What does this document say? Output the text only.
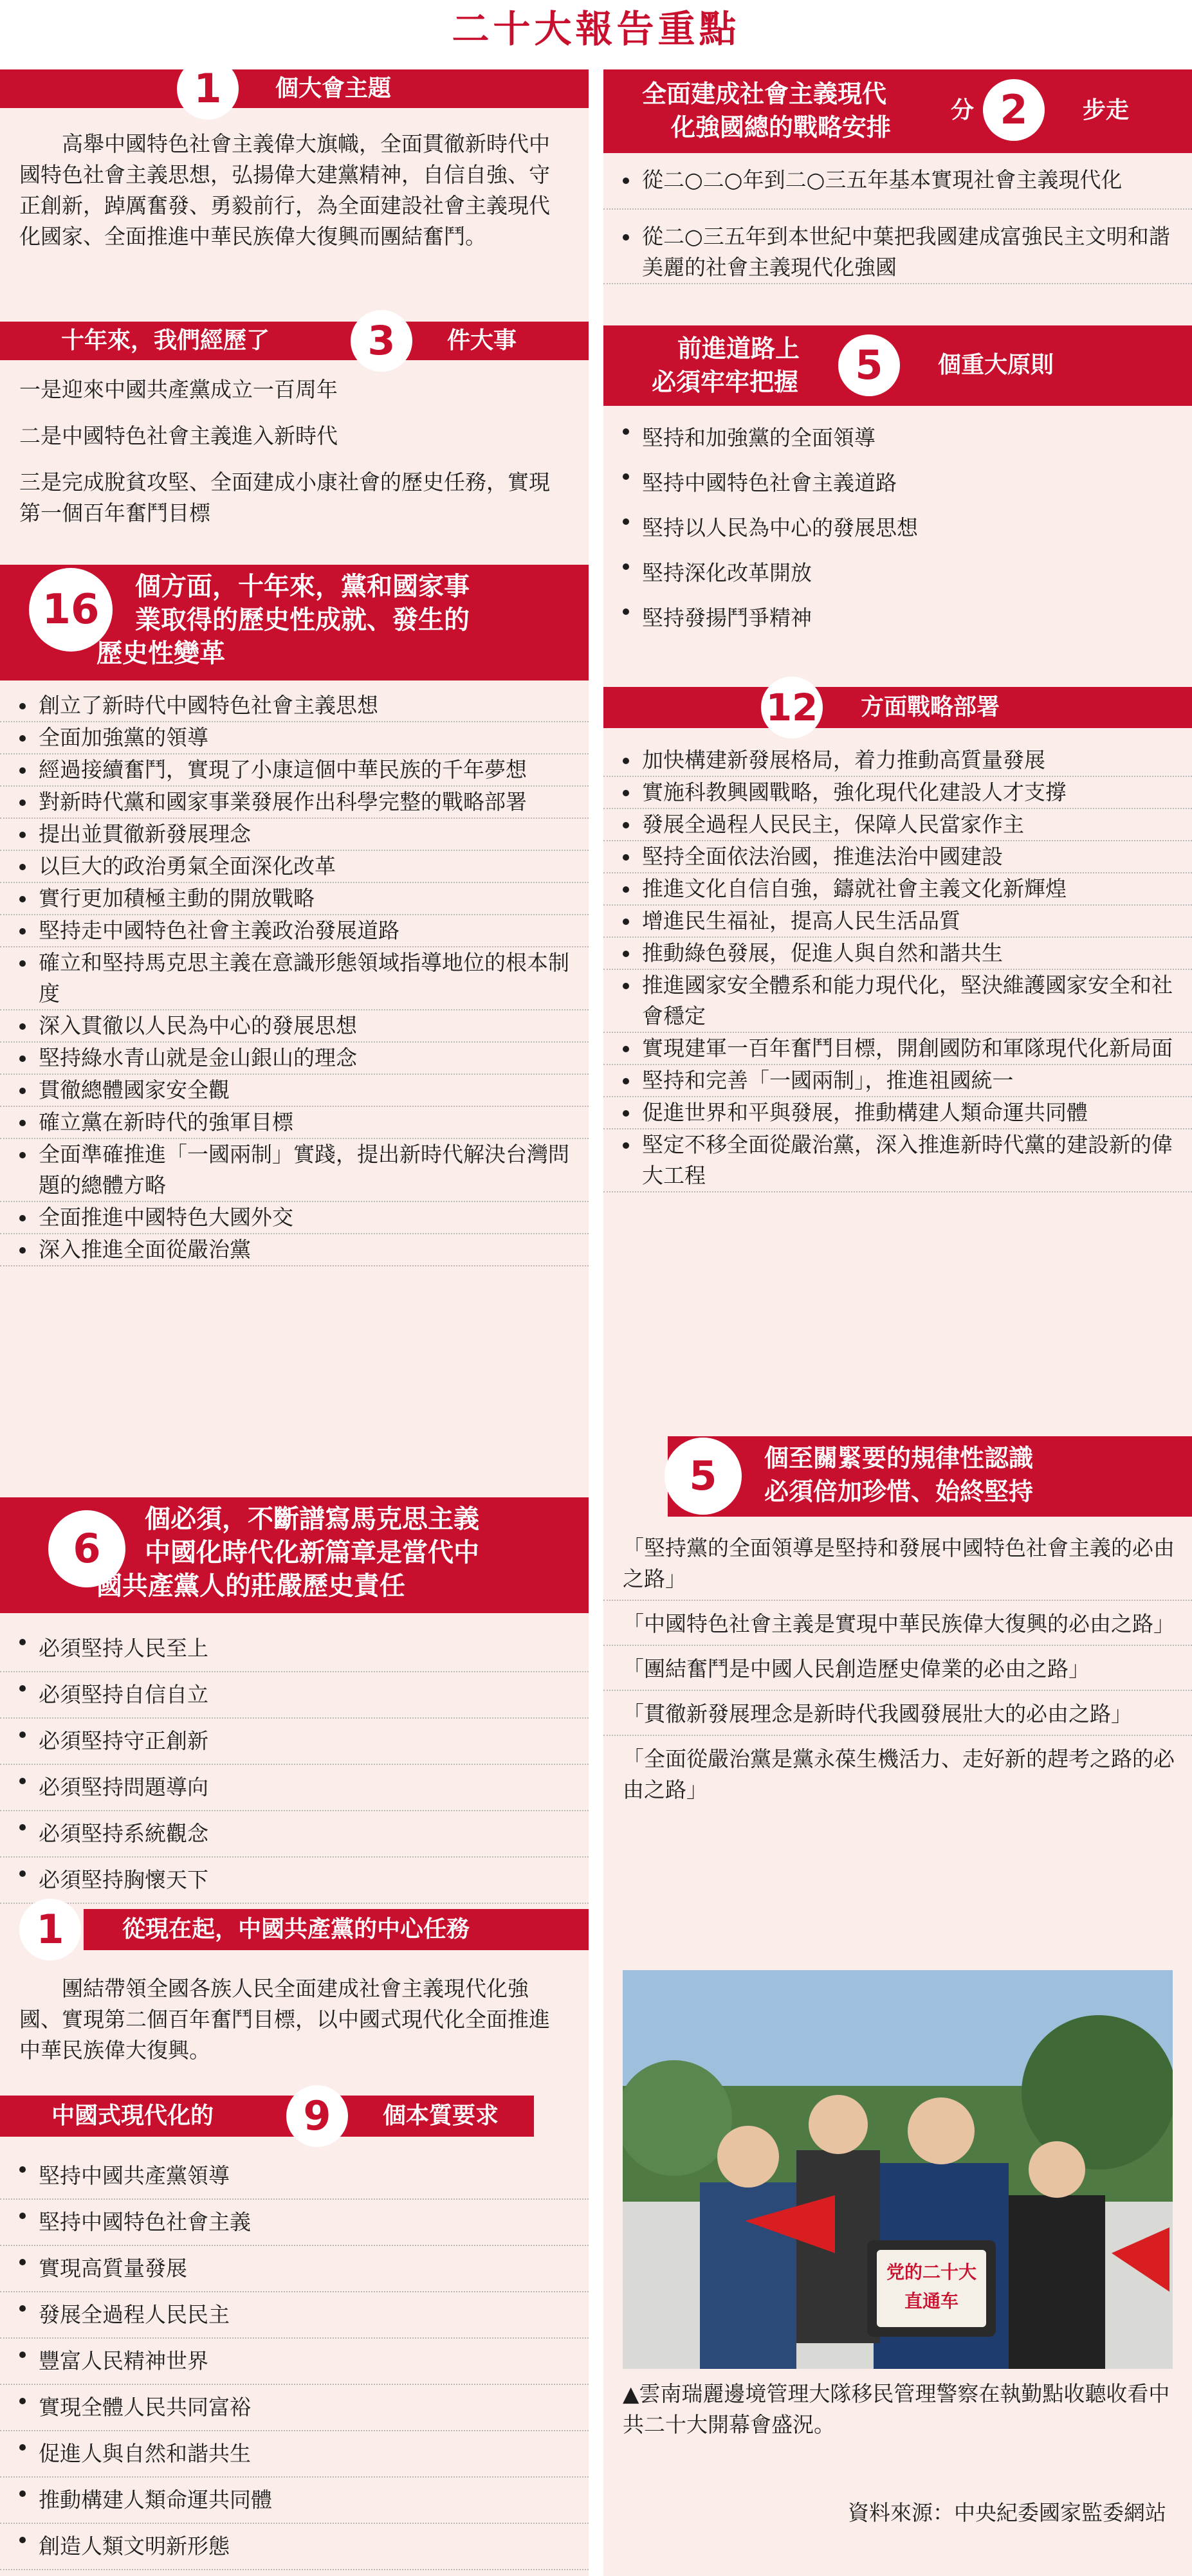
二十大報告重點
1	個大會主題
高舉中國特色社會主義偉大旗幟，全面貫徹新時代中國特色社會主義思想，弘揚偉大建黨精神，自信自強、守正創新，踔厲奮發、勇毅前行，為全面建設社會主義現代化國家、全面推進中華民族偉大復興而團結奮鬥。
十年來，我們經歷了	3	件大事
一是迎來中國共產黨成立一百周年
二是中國特色社會主義進入新時代
三是完成脫貧攻堅、全面建成小康社會的歷史任務，實現第一個百年奮鬥目標
16	個方面，十年來，黨和國家事
業取得的歷史性成就、發生的
歷史性變革
創立了新時代中國特色社會主義思想
全面加強黨的領導
經過接續奮鬥，實現了小康這個中華民族的千年夢想
對新時代黨和國家事業發展作出科學完整的戰略部署
提出並貫徹新發展理念
以巨大的政治勇氣全面深化改革
實行更加積極主動的開放戰略
堅持走中國特色社會主義政治發展道路
確立和堅持馬克思主義在意識形態領域指導地位的根本制度
深入貫徹以人民為中心的發展思想
堅持綠水青山就是金山銀山的理念
貫徹總體國家安全觀
確立黨在新時代的強軍目標
全面準確推進「一國兩制」實踐，提出新時代解決台灣問題的總體方略
全面推進中國特色大國外交
深入推進全面從嚴治黨
6
個必須，不斷譜寫馬克思主義
中國化時代化新篇章是當代中
國共產黨人的莊嚴歷史責任
必須堅持人民至上
必須堅持自信自立
必須堅持守正創新
必須堅持問題導向
必須堅持系統觀念
必須堅持胸懷天下
1	從現在起，中國共產黨的中心任務
團結帶領全國各族人民全面建成社會主義現代化強國、實現第二個百年奮鬥目標，以中國式現代化全面推進中華民族偉大復興。
中國式現代化的	9	個本質要求
堅持中國共產黨領導
堅持中國特色社會主義
實現高質量發展
發展全過程人民民主
豐富人民精神世界
實現全體人民共同富裕
促進人與自然和諧共生
推動構建人類命運共同體
創造人類文明新形態
全面建成社會主義現代
化強國總的戰略安排
分 2	步走
從二○二○年到二○三五年基本實現社會主義現代化
從二○三五年到本世紀中葉把我國建成富強民主文明和諧美麗的社會主義現代化強國
前進道路上
必須牢牢把握	5	個重大原則
堅持和加強黨的全面領導
堅持中國特色社會主義道路
堅持以人民為中心的發展思想
堅持深化改革開放
堅持發揚鬥爭精神
12 方面戰略部署
加快構建新發展格局，着力推動高質量發展
實施科教興國戰略，強化現代化建設人才支撐
發展全過程人民民主，保障人民當家作主
堅持全面依法治國，推進法治中國建設
推進文化自信自強，鑄就社會主義文化新輝煌
增進民生福祉，提高人民生活品質
推動綠色發展，促進人與自然和諧共生
推進國家安全體系和能力現代化，堅決維護國家安全和社會穩定
實現建軍一百年奮鬥目標，開創國防和軍隊現代化新局面
堅持和完善「一國兩制」，推進祖國統一
促進世界和平與發展，推動構建人類命運共同體
堅定不移全面從嚴治黨，深入推進新時代黨的建設新的偉大工程
5	個至關緊要的規律性認識
必須倍加珍惜、始終堅持
「堅持黨的全面領導是堅持和發展中國特色社會主義的必由之路」
「中國特色社會主義是實現中華民族偉大復興的必由之路」
「團結奮鬥是中國人民創造歷史偉業的必由之路」
「貫徹新發展理念是新時代我國發展壯大的必由之路」
「全面從嚴治黨是黨永葆生機活力、走好新的趕考之路的必由之路」
党的二十大
直通车
▲雲南瑞麗邊境管理大隊移民管理警察在執勤點收聽收看中共二十大開幕會盛況。
資料來源：中央紀委國家監委網站
